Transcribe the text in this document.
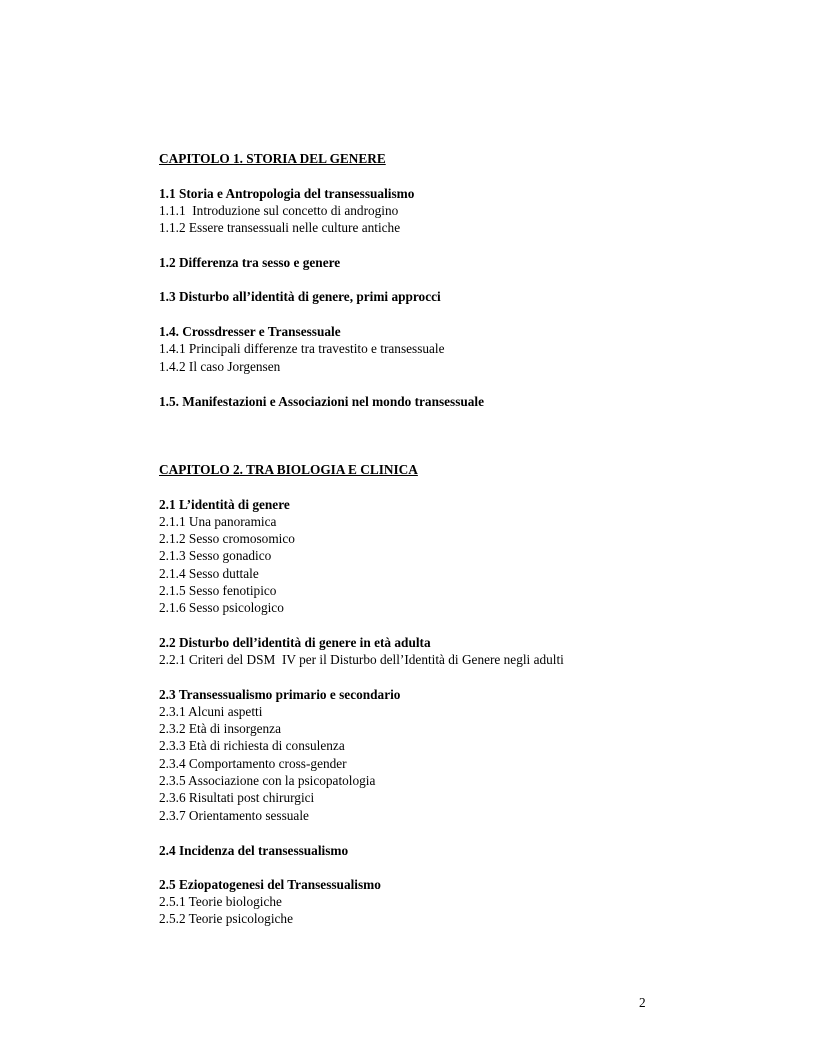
CAPITOLO 1. STORIA DEL GENERE
1.1 Storia e Antropologia del transessualismo
1.1.1  Introduzione sul concetto di androgino
1.1.2 Essere transessuali nelle culture antiche
1.2 Differenza tra sesso e genere
1.3 Disturbo all’identità di genere, primi approcci
1.4. Crossdresser e Transessuale
1.4.1 Principali differenze tra travestito e transessuale
1.4.2 Il caso Jorgensen
1.5. Manifestazioni e Associazioni nel mondo transessuale
CAPITOLO 2. TRA BIOLOGIA E CLINICA
2.1 L’identità di genere
2.1.1 Una panoramica
2.1.2 Sesso cromosomico
2.1.3 Sesso gonadico
2.1.4 Sesso duttale
2.1.5 Sesso fenotipico
2.1.6 Sesso psicologico
2.2 Disturbo dell’identità di genere in età adulta
2.2.1 Criteri del DSM  IV per il Disturbo dell’Identità di Genere negli adulti
2.3 Transessualismo primario e secondario
2.3.1 Alcuni aspetti
2.3.2 Età di insorgenza
2.3.3 Età di richiesta di consulenza
2.3.4 Comportamento cross-gender
2.3.5 Associazione con la psicopatologia
2.3.6 Risultati post chirurgici
2.3.7 Orientamento sessuale
2.4 Incidenza del transessualismo
2.5 Eziopatogenesi del Transessualismo
2.5.1 Teorie biologiche
2.5.2 Teorie psicologiche
2
